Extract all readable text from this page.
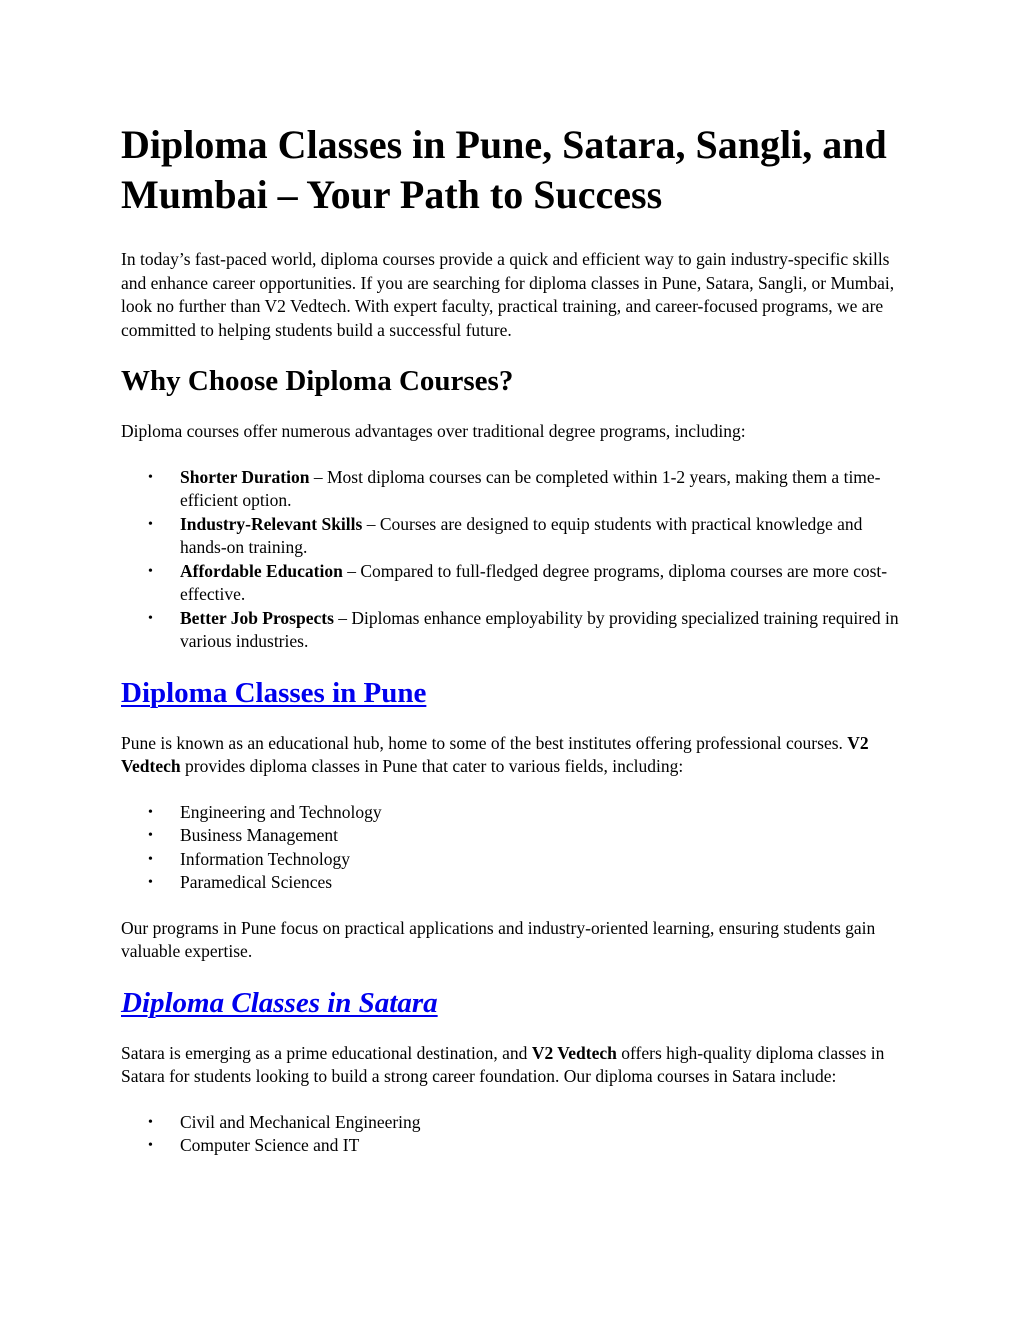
Diploma Classes in Pune, Satara, Sangli, and Mumbai – Your Path to Success

In today’s fast-paced world, diploma courses provide a quick and efficient way to gain industry-specific skills and enhance career opportunities. If you are searching for diploma classes in Pune, Satara, Sangli, or Mumbai, look no further than V2 Vedtech. With expert faculty, practical training, and career-focused programs, we are committed to helping students build a successful future.

Why Choose Diploma Courses?

Diploma courses offer numerous advantages over traditional degree programs, including:

• Shorter Duration – Most diploma courses can be completed within 1-2 years, making them a time-efficient option.
• Industry-Relevant Skills – Courses are designed to equip students with practical knowledge and hands-on training.
• Affordable Education – Compared to full-fledged degree programs, diploma courses are more cost-effective.
• Better Job Prospects – Diplomas enhance employability by providing specialized training required in various industries.
Diploma Classes in Pune

Pune is known as an educational hub, home to some of the best institutes offering professional courses. V2 Vedtech provides diploma classes in Pune that cater to various fields, including:

• Engineering and Technology
• Business Management
• Information Technology
• Paramedical Sciences

Our programs in Pune focus on practical applications and industry-oriented learning, ensuring students gain valuable expertise.

Diploma Classes in Satara

Satara is emerging as a prime educational destination, and V2 Vedtech offers high-quality diploma classes in Satara for students looking to build a strong career foundation. Our diploma courses in Satara include:

• Civil and Mechanical Engineering
• Computer Science and IT
